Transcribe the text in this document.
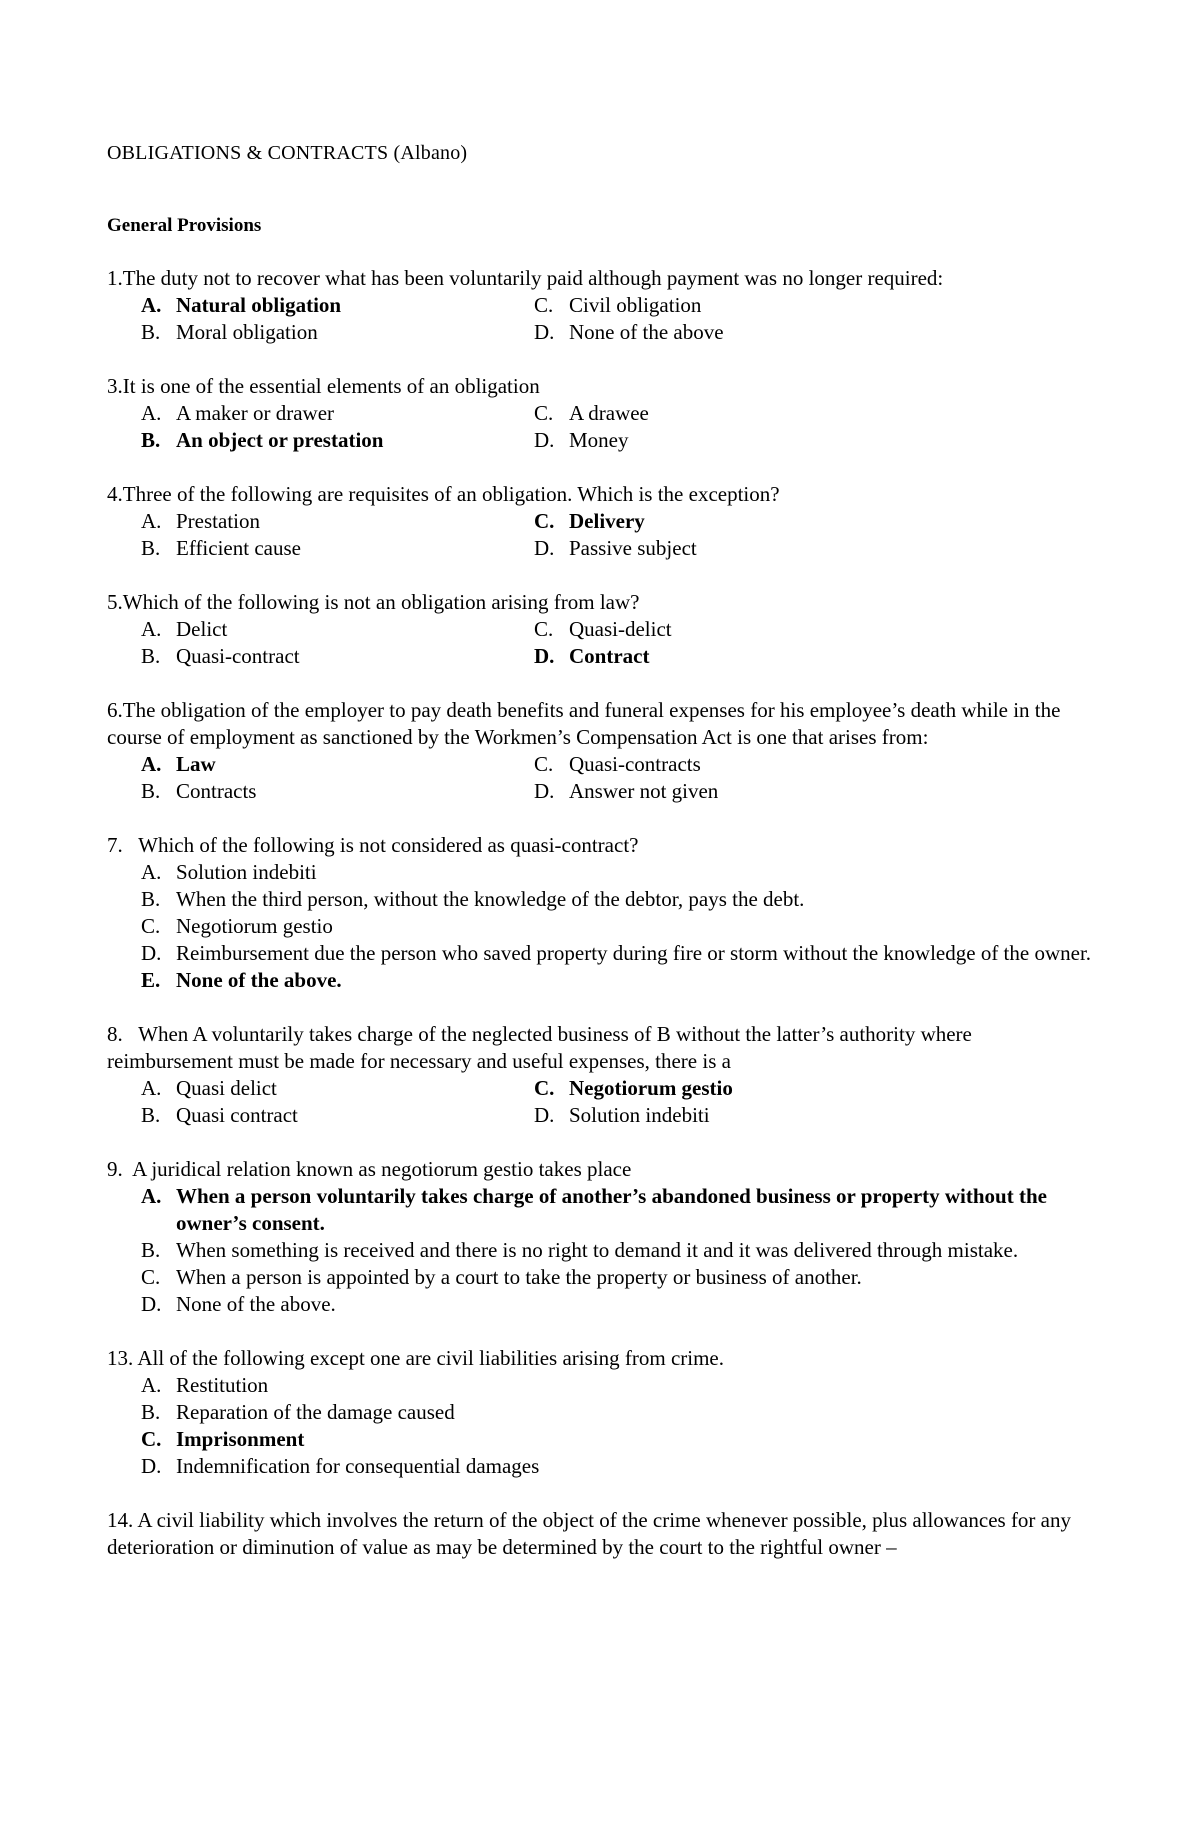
OBLIGATIONS & CONTRACTS (Albano)
General Provisions
1.The duty not to recover what has been voluntarily paid although payment was no longer required:
A. Natural obligation	C. Civil obligation
B. Moral obligation	D. None of the above
3.It is one of the essential elements of an obligation
A. A maker or drawer	C. A drawee
B. An object or prestation	D. Money
4.Three of the following are requisites of an obligation. Which is the exception?
A. Prestation	C. Delivery
B. Efficient cause	D. Passive subject
5.Which of the following is not an obligation arising from law?
A. Delict	C. Quasi-delict
B. Quasi-contract	D. Contract
6.The obligation of the employer to pay death benefits and funeral expenses for his employee’s death while in the course of employment as sanctioned by the Workmen’s Compensation Act is one that arises from:
A. Law	C. Quasi-contracts
B. Contracts	D. Answer not given
7.   Which of the following is not considered as quasi-contract?
A. Solution indebiti
B. When the third person, without the knowledge of the debtor, pays the debt.
C. Negotiorum gestio
D. Reimbursement due the person who saved property during fire or storm without the knowledge of the owner.
E. None of the above.
8.   When A voluntarily takes charge of the neglected business of B without the latter’s authority where reimbursement must be made for necessary and useful expenses, there is a
A. Quasi delict	C. Negotiorum gestio
B. Quasi contract	D. Solution indebiti
9.  A juridical relation known as negotiorum gestio takes place
A. When a person voluntarily takes charge of another’s abandoned business or property without the owner’s consent.
B. When something is received and there is no right to demand it and it was delivered through mistake.
C. When a person is appointed by a court to take the property or business of another.
D. None of the above.
13. All of the following except one are civil liabilities arising from crime.
A. Restitution
B. Reparation of the damage caused
C. Imprisonment
D. Indemnification for consequential damages
14. A civil liability which involves the return of the object of the crime whenever possible, plus allowances for any deterioration or diminution of value as may be determined by the court to the rightful owner –
